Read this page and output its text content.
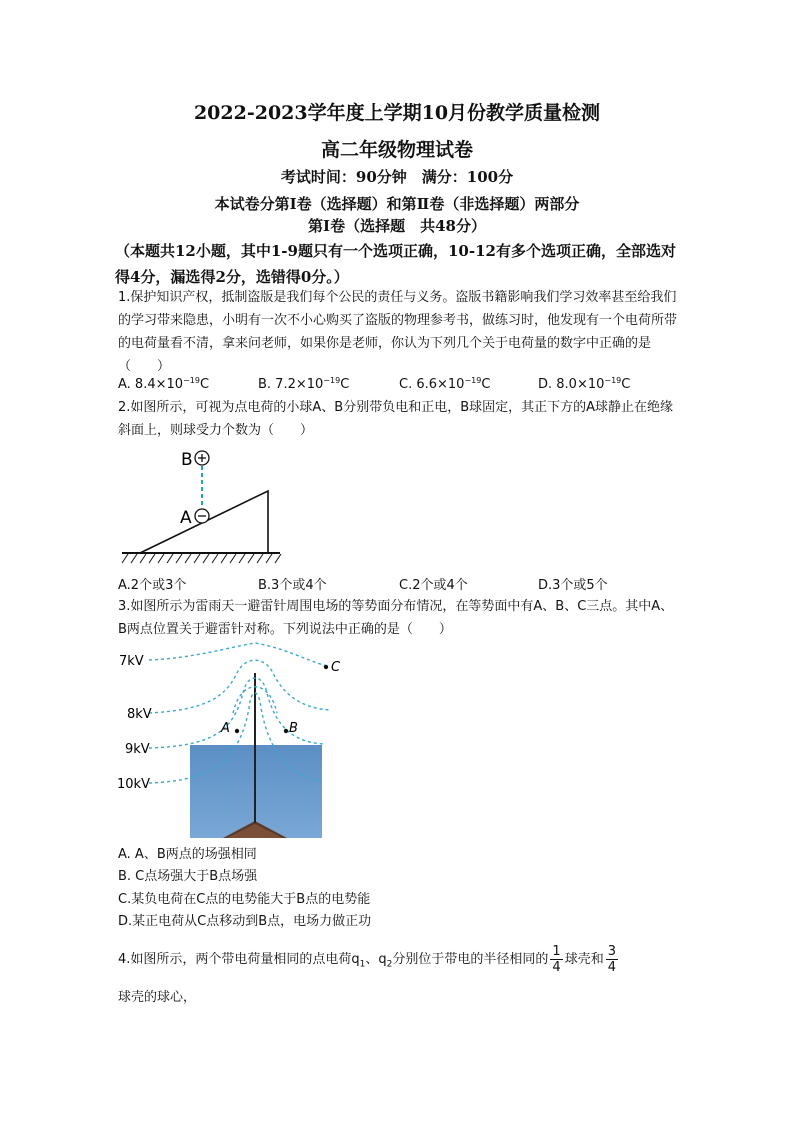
2022-2023学年度上学期10月份教学质量检测
高二年级物理试卷
考试时间：90分钟　满分：100分
本试卷分第Ⅰ卷（选择题）和第Ⅱ卷（非选择题）两部分
第Ⅰ卷（选择题　共48分）
（本题共12小题，其中1-9题只有一个选项正确，10-12有多个选项正确，全部选对得4分，漏选得2分，选错得0分。）
1.保护知识产权，抵制盗版是我们每个公民的责任与义务。盗版书籍影响我们学习效率甚至给我们的学习带来隐患，小明有一次不小心购买了盗版的物理参考书，做练习时，他发现有一个电荷所带的电荷量看不清，拿来问老师，如果你是老师，你认为下列几个关于电荷量的数字中正确的是（　　）
A. $8.4\times 10^{-19}C$	B. $7.2\times 10^{-19}C$	C. $6.6\times 10^{-19}C$	D. $8.0\times 10^{-19}C$
2.如图所示，可视为点电荷的小球A、B分别带负电和正电，B球固定，其正下方的A球静止在绝缘斜面上，则球受力个数为（　　）
B
A
A.2个或3个	B.3个或4个	C.2个或4个	D.3个或5个
3.如图所示为雷雨天一避雷针周围电场的等势面分布情况，在等势面中有A、B、C三点。其中A、B两点位置关于避雷针对称。下列说法中正确的是（　　）
7kV
8kV
9kV
10kV
A	B
C
A. A、B两点的场强相同
B. C点场强大于B点场强
C.某负电荷在C点的电势能大于B点的电势能
D.某正电荷从C点移动到B点，电场力做正功
4.如图所示，两个带电荷量相同的点电荷$q_1$、$q_2$分别位于带电的半径相同的 $\frac{1}{4}$ 球壳和 $\frac{3}{4}$
球壳的球心，
